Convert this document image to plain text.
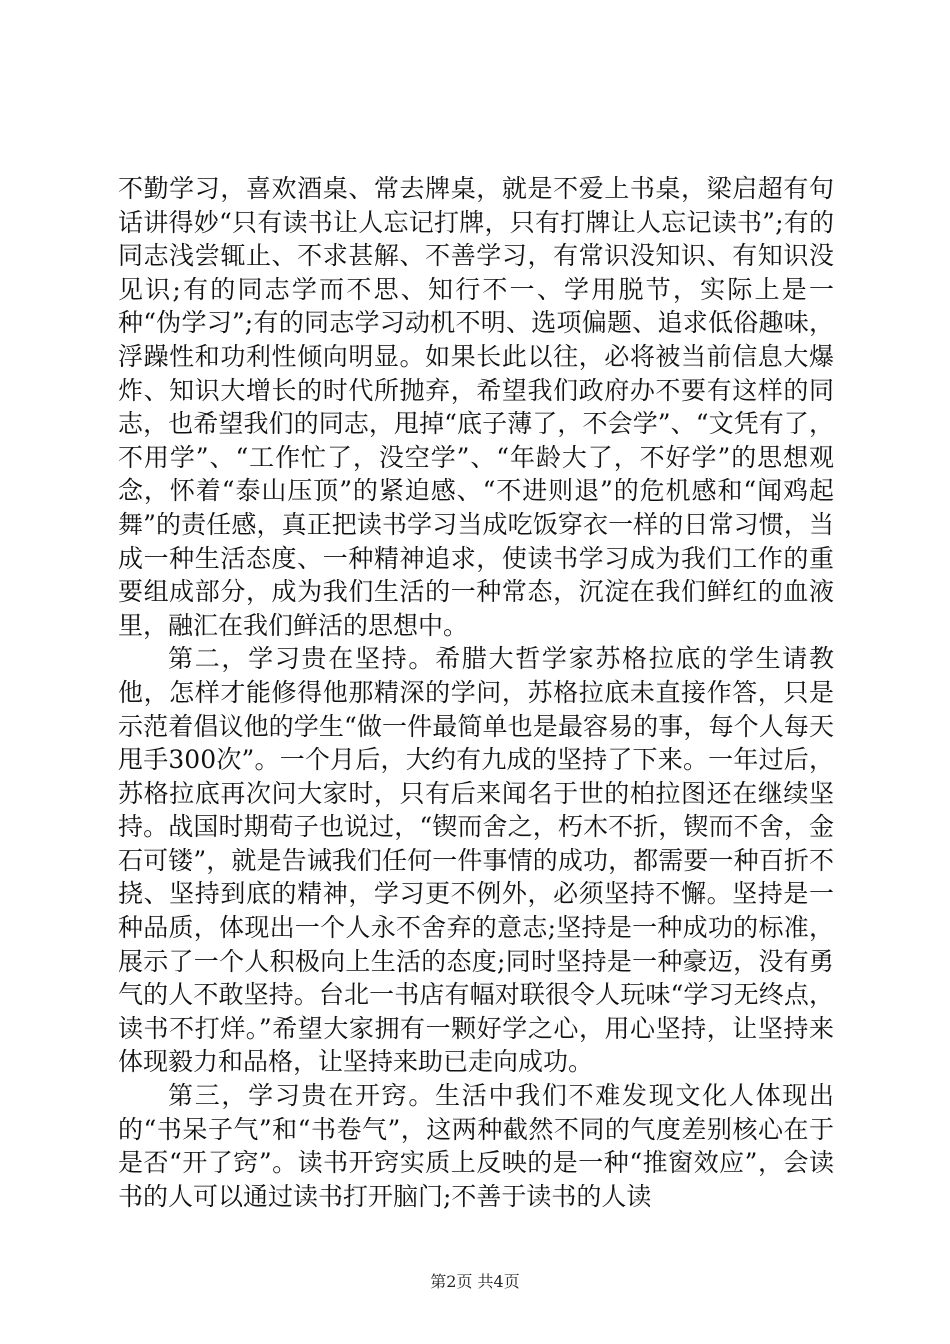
不勤学习，喜欢酒桌、常去牌桌，就是不爱上书桌，梁启超有句话讲得妙“只有读书让人忘记打牌，只有打牌让人忘记读书”;有的同志浅尝辄止、不求甚解、不善学习，有常识没知识、有知识没见识;有的同志学而不思、知行不一、学用脱节，实际上是一种“伪学习”;有的同志学习动机不明、选项偏题、追求低俗趣味，浮躁性和功利性倾向明显。如果长此以往，必将被当前信息大爆炸、知识大增长的时代所抛弃，希望我们政府办不要有这样的同志，也希望我们的同志，甩掉“底子薄了，不会学”、“文凭有了，不用学”、“工作忙了，没空学”、“年龄大了，不好学”的思想观念，怀着“泰山压顶”的紧迫感、“不进则退”的危机感和“闻鸡起舞”的责任感，真正把读书学习当成吃饭穿衣一样的日常习惯，当成一种生活态度、一种精神追求，使读书学习成为我们工作的重要组成部分，成为我们生活的一种常态，沉淀在我们鲜红的血液里，融汇在我们鲜活的思想中。

第二，学习贵在坚持。希腊大哲学家苏格拉底的学生请教他，怎样才能修得他那精深的学问，苏格拉底未直接作答，只是示范着倡议他的学生“做一件最简单也是最容易的事，每个人每天甩手300次”。一个月后，大约有九成的坚持了下来。一年过后，苏格拉底再次问大家时，只有后来闻名于世的柏拉图还在继续坚持。战国时期荀子也说过，“锲而舍之，朽木不折，锲而不舍，金石可镂”，就是告诫我们任何一件事情的成功，都需要一种百折不挠、坚持到底的精神，学习更不例外，必须坚持不懈。坚持是一种品质，体现出一个人永不舍弃的意志;坚持是一种成功的标准，展示了一个人积极向上生活的态度;同时坚持是一种豪迈，没有勇气的人不敢坚持。台北一书店有幅对联很令人玩味“学习无终点，读书不打烊。”希望大家拥有一颗好学之心，用心坚持，让坚持来体现毅力和品格，让坚持来助已走向成功。

第三，学习贵在开窍。生活中我们不难发现文化人体现出的“书呆子气”和“书卷气”，这两种截然不同的气度差别核心在于是否“开了窍”。读书开窍实质上反映的是一种“推窗效应”，会读书的人可以通过读书打开脑门;不善于读书的人读

第2页 共4页
